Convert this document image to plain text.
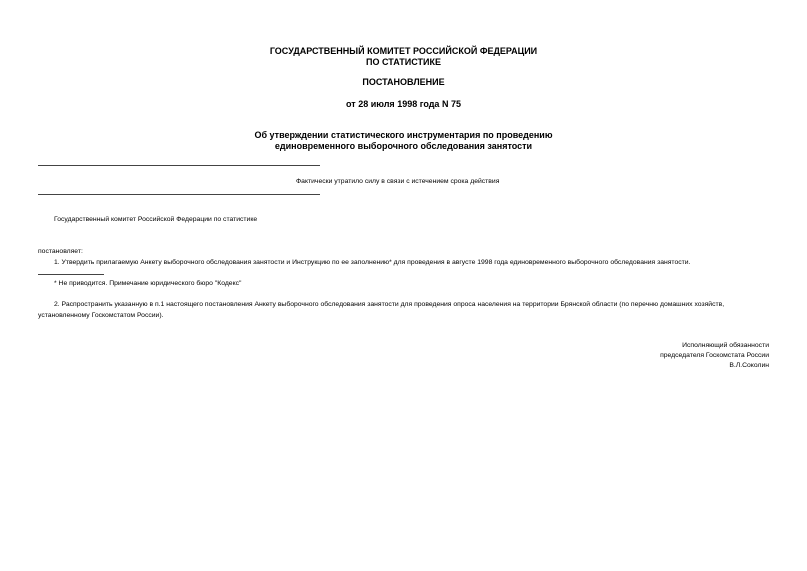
ГОСУДАРСТВЕННЫЙ КОМИТЕТ РОССИЙСКОЙ ФЕДЕРАЦИИ
ПО СТАТИСТИКЕ
ПОСТАНОВЛЕНИЕ
от 28 июля 1998 года N 75
Об утверждении статистического инструментария по проведению
единовременного выборочного обследования занятости
Фактически утратило силу в связи с истечением срока действия
Государственный комитет Российской Федерации по статистике
постановляет:
1. Утвердить прилагаемую Анкету выборочного обследования занятости и Инструкцию по ее заполнению* для проведения в августе 1998 года единовременного выборочного обследования занятости.
* Не приводится. Примечание юридического бюро "Кодекс"
2. Распространить указанную в п.1 настоящего постановления Анкету выборочного обследования занятости для проведения опроса населения на территории Брянской области (по перечню домашних хозяйств, установленному Госкомстатом России).
Исполняющий обязанности
председателя Госкомстата России
В.Л.Соколин
